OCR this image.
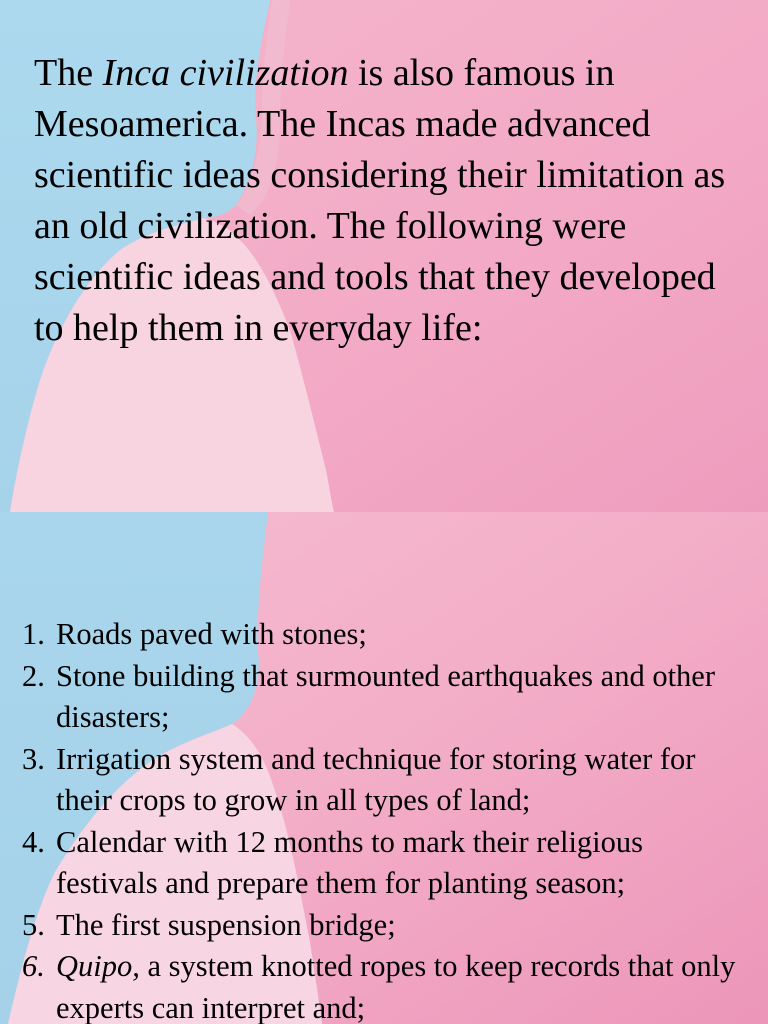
The Inca civilization is also famous in Mesoamerica. The Incas made advanced scientific ideas considering their limitation as an old civilization. The following were scientific ideas and tools that they developed to help them in everyday life:

1. Roads paved with stones;
2. Stone building that surmounted earthquakes and other disasters;
3. Irrigation system and technique for storing water for their crops to grow in all types of land;
4. Calendar with 12 months to mark their religious festivals and prepare them for planting season;
5. The first suspension bridge;
6. Quipo, a system knotted ropes to keep records that only experts can interpret and;
